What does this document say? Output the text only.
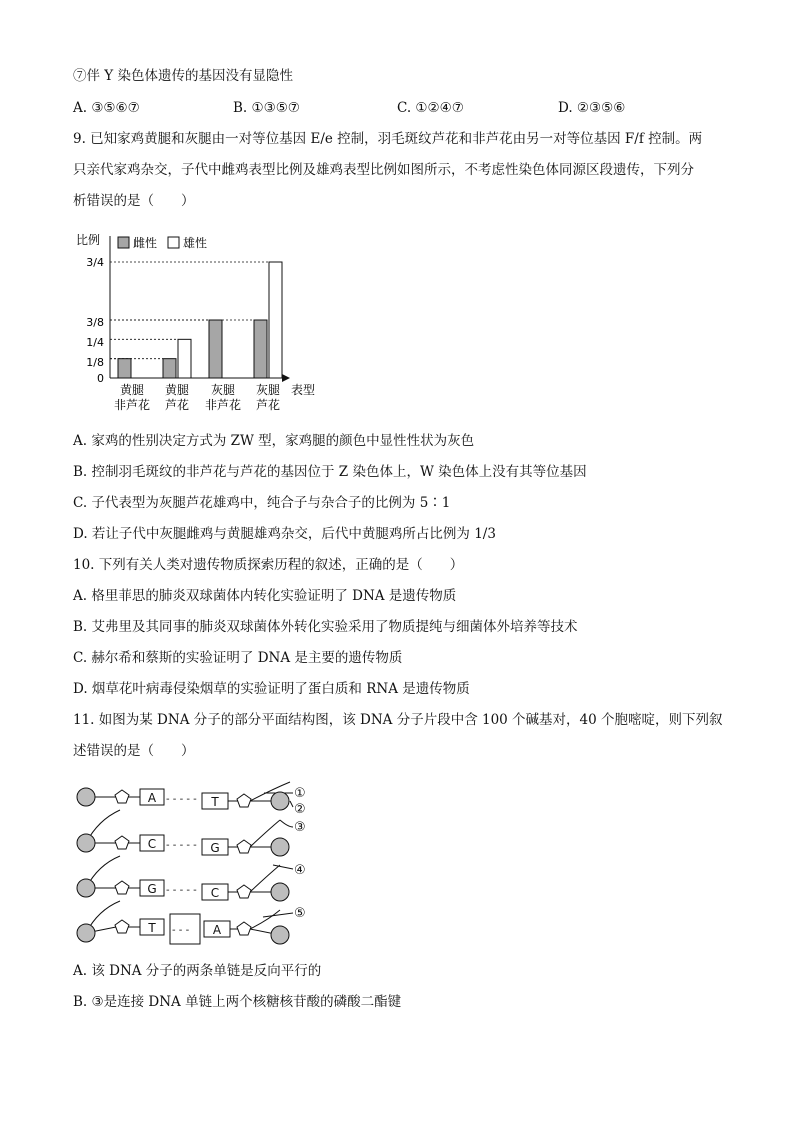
⑦伴 Y 染色体遗传的基因没有显隐性
A. ③⑤⑥⑦	B. ①③⑤⑦	C. ①②④⑦	D. ②③⑤⑥
9. 已知家鸡黄腿和灰腿由一对等位基因 E/e 控制，羽毛斑纹芦花和非芦花由另一对等位基因 F/f 控制。两
只亲代家鸡杂交，子代中雌鸡表型比例及雄鸡表型比例如图所示，不考虑性染色体同源区段遗传，下列分
析错误的是（　　）
比例	雌性 雄性
表型
3/4
3/8
1/4
1/8
0
黄腿
非芦花
黄腿
芦花
灰腿
非芦花
灰腿
芦花
A. 家鸡的性别决定方式为 ZW 型，家鸡腿的颜色中显性性状为灰色
B. 控制羽毛斑纹的非芦花与芦花的基因位于 Z 染色体上，W 染色体上没有其等位基因
C. 子代表型为灰腿芦花雄鸡中，纯合子与杂合子的比例为 5∶1
D. 若让子代中灰腿雌鸡与黄腿雄鸡杂交，后代中黄腿鸡所占比例为 1/3
10. 下列有关人类对遗传物质探索历程的叙述，正确的是（　　）
A. 格里菲思的肺炎双球菌体内转化实验证明了 DNA 是遗传物质
B. 艾弗里及其同事的肺炎双球菌体外转化实验采用了物质提纯与细菌体外培养等技术
C. 赫尔希和蔡斯的实验证明了 DNA 是主要的遗传物质
D. 烟草花叶病毒侵染烟草的实验证明了蛋白质和 RNA 是遗传物质
11. 如图为某 DNA 分子的部分平面结构图，该 DNA 分子片段中含 100 个碱基对，40 个胞嘧啶，则下列叙
述错误的是（　　）
A
C
G
T
T
G
C
A
- - - - -
- - - - -
- - - - -
- - -
①
②
③
④
⑤
A. 该 DNA 分子的两条单链是反向平行的
B. ③是连接 DNA 单链上两个核糖核苷酸的磷酸二酯键
